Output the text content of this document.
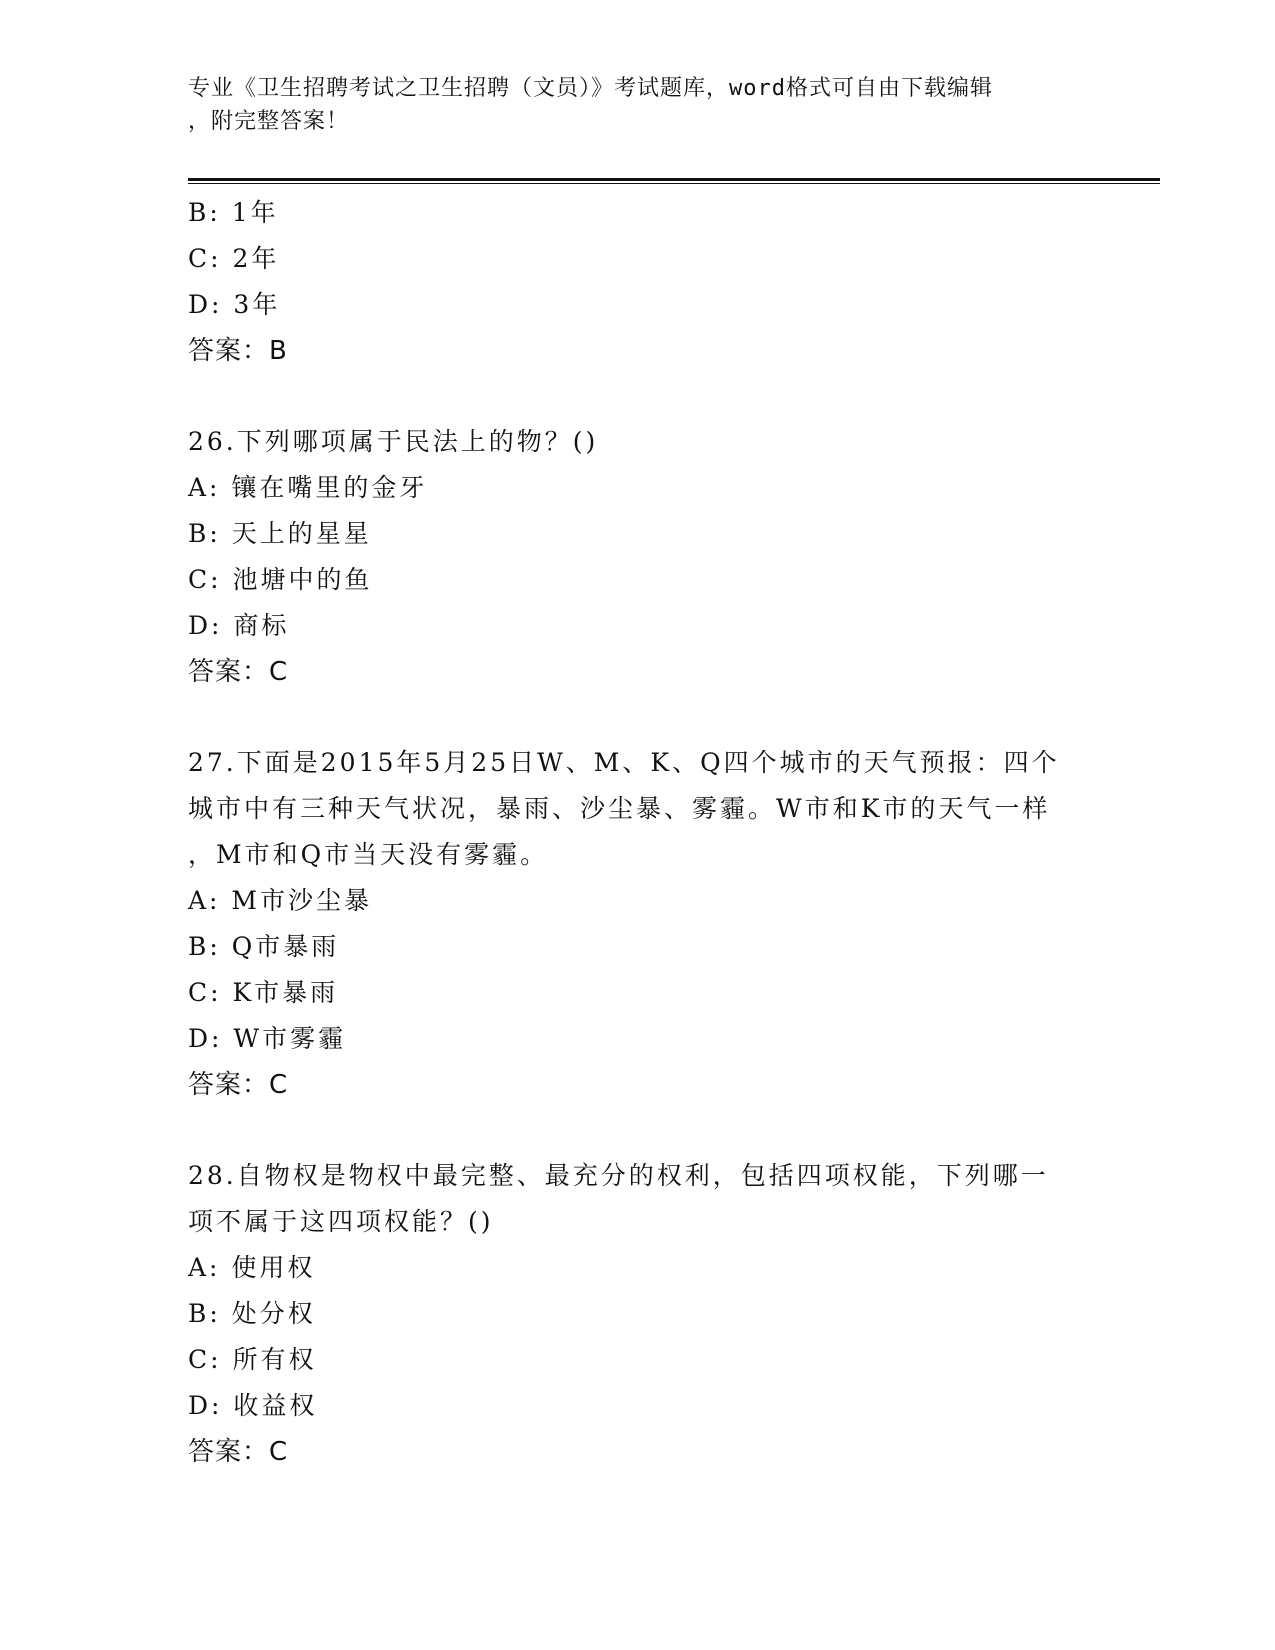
专业《卫生招聘考试之卫生招聘（文员）》考试题库，word格式可自由下载编辑
，附完整答案！
B: 1年
C: 2年
D: 3年
答案：B
26.下列哪项属于民法上的物？()
A: 镶在嘴里的金牙
B: 天上的星星
C: 池塘中的鱼
D: 商标
答案：C
27.下面是2015年5月25日W、M、K、Q四个城市的天气预报：四个
城市中有三种天气状况，暴雨、沙尘暴、雾霾。W市和K市的天气一样
，M市和Q市当天没有雾霾。
A: M市沙尘暴
B: Q市暴雨
C: K市暴雨
D: W市雾霾
答案：C
28.自物权是物权中最完整、最充分的权利，包括四项权能，下列哪一
项不属于这四项权能？()
A: 使用权
B: 处分权
C: 所有权
D: 收益权
答案：C
